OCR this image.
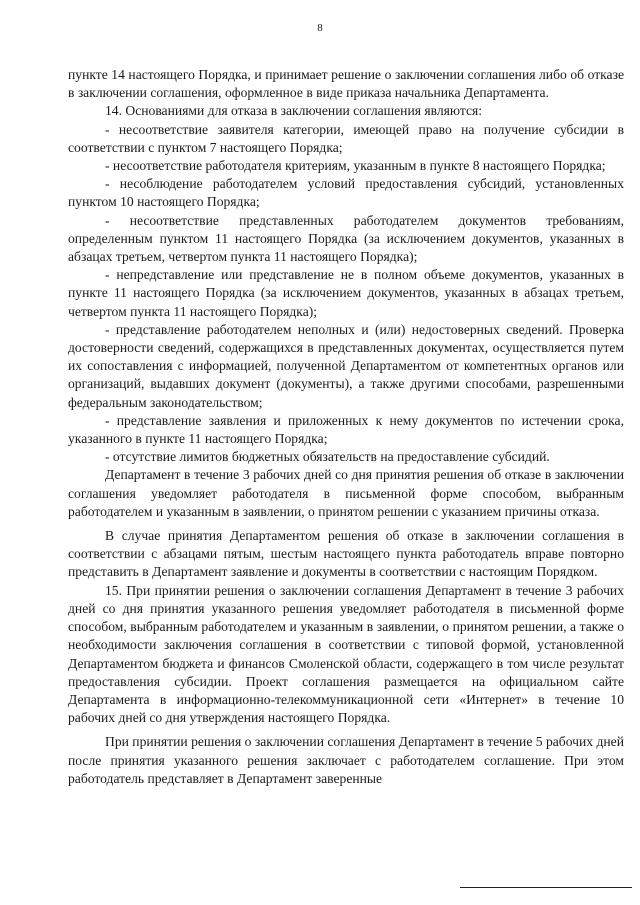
8

пункте 14 настоящего Порядка, и принимает решение о заключении соглашения либо об отказе в заключении соглашения, оформленное в виде приказа начальника Департамента.

14. Основаниями для отказа в заключении соглашения являются:

- несоответствие заявителя категории, имеющей право на получение субсидии в соответствии с пунктом 7 настоящего Порядка;

- несоответствие работодателя критериям, указанным в пункте 8 настоящего Порядка;

- несоблюдение работодателем условий предоставления субсидий, установленных пунктом 10 настоящего Порядка;

- несоответствие представленных работодателем документов требованиям, определенным пунктом 11 настоящего Порядка (за исключением документов, указанных в абзацах третьем, четвертом пункта 11 настоящего Порядка);

- непредставление или представление не в полном объеме документов, указанных в пункте 11 настоящего Порядка (за исключением документов, указанных в абзацах третьем, четвертом пункта 11 настоящего Порядка);

- представление работодателем неполных и (или) недостоверных сведений. Проверка достоверности сведений, содержащихся в представленных документах, осуществляется путем их сопоставления с информацией, полученной Департаментом от компетентных органов или организаций, выдавших документ (документы), а также другими способами, разрешенными федеральным законодательством;

- представление заявления и приложенных к нему документов по истечении срока, указанного в пункте 11 настоящего Порядка;

- отсутствие лимитов бюджетных обязательств на предоставление субсидий.

Департамент в течение 3 рабочих дней со дня принятия решения об отказе в заключении соглашения уведомляет работодателя в письменной форме способом, выбранным работодателем и указанным в заявлении, о принятом решении с указанием причины отказа.

В случае принятия Департаментом решения об отказе в заключении соглашения в соответствии с абзацами пятым, шестым настоящего пункта работодатель вправе повторно представить в Департамент заявление и документы в соответствии с настоящим Порядком.

15. При принятии решения о заключении соглашения Департамент в течение 3 рабочих дней со дня принятия указанного решения уведомляет работодателя в письменной форме способом, выбранным работодателем и указанным в заявлении, о принятом решении, а также о необходимости заключения соглашения в соответствии с типовой формой, установленной Департаментом бюджета и финансов Смоленской области, содержащего в том числе результат предоставления субсидии. Проект соглашения размещается на официальном сайте Департамента в информационно-телекоммуникационной сети «Интернет» в течение 10 рабочих дней со дня утверждения настоящего Порядка.

При принятии решения о заключении соглашения Департамент в течение 5 рабочих дней после принятия указанного решения заключает с работодателем соглашение. При этом работодатель представляет в Департамент заверенные
